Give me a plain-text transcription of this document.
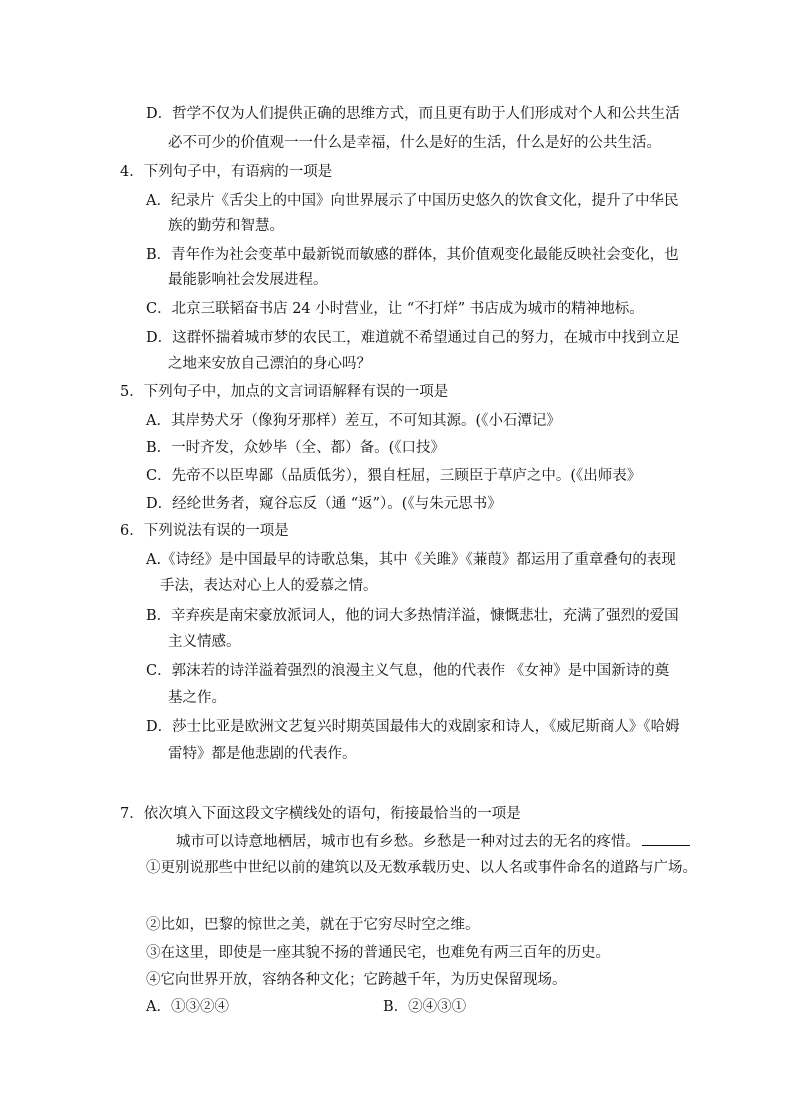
D．哲学不仅为人们提供正确的思维方式，而且更有助于人们形成对个人和公共生活
必不可少的价值观一一什么是幸福，什么是好的生活，什么是好的公共生活。
4．下列句子中，有语病的一项是
A．纪录片《舌尖上的中国》向世界展示了中国历史悠久的饮食文化，提升了中华民
族的勤劳和智慧。
B．青年作为社会变革中最新锐而敏感的群体，其价值观变化最能反映社会变化，也
最能影响社会发展进程。
C．北京三联韬奋书店 24 小时营业，让 “不打烊” 书店成为城市的精神地标。
D．这群怀揣着城市梦的农民工，难道就不希望通过自己的努力，在城市中找到立足
之地来安放自己漂泊的身心吗？
5．下列句子中，加点的文言词语解释有误的一项是
A．其岸势犬牙（像狗牙那样）差互，不可知其源。(《小石潭记》
B．一时齐发，众妙毕（全、都）备。(《口技》
C．先帝不以臣卑鄙（品质低劣），猥自枉屈，三顾臣于草庐之中。(《出师表》
D．经纶世务者，窥谷忘反（通 “返”）。(《与朱元思书》
6．下列说法有误的一项是
A.《诗经》是中国最早的诗歌总集，其中《关雎》《蒹葭》都运用了重章叠句的表现
手法，表达对心上人的爱慕之情。
B．辛弃疾是南宋豪放派词人，他的词大多热情洋溢，慷慨悲壮，充满了强烈的爱国
主义情感。
C．郭沫若的诗洋溢着强烈的浪漫主义气息，他的代表作 《女神》是中国新诗的奠
基之作。
D．莎士比亚是欧洲文艺复兴时期英国最伟大的戏剧家和诗人，《威尼斯商人》《哈姆
雷特》都是他悲剧的代表作。
7．依次填入下面这段文字横线处的语句，衔接最恰当的一项是
城市可以诗意地栖居，城市也有乡愁。乡愁是一种对过去的无名的疼惜。
①更别说那些中世纪以前的建筑以及无数承载历史、以人名或事件命名的道路与广场。
②比如，巴黎的惊世之美，就在于它穷尽时空之维。
③在这里，即使是一座其貌不扬的普通民宅，也难免有两三百年的历史。
④它向世界开放，容纳各种文化；它跨越千年，为历史保留现场。
A．①③②④	B．②④③①
